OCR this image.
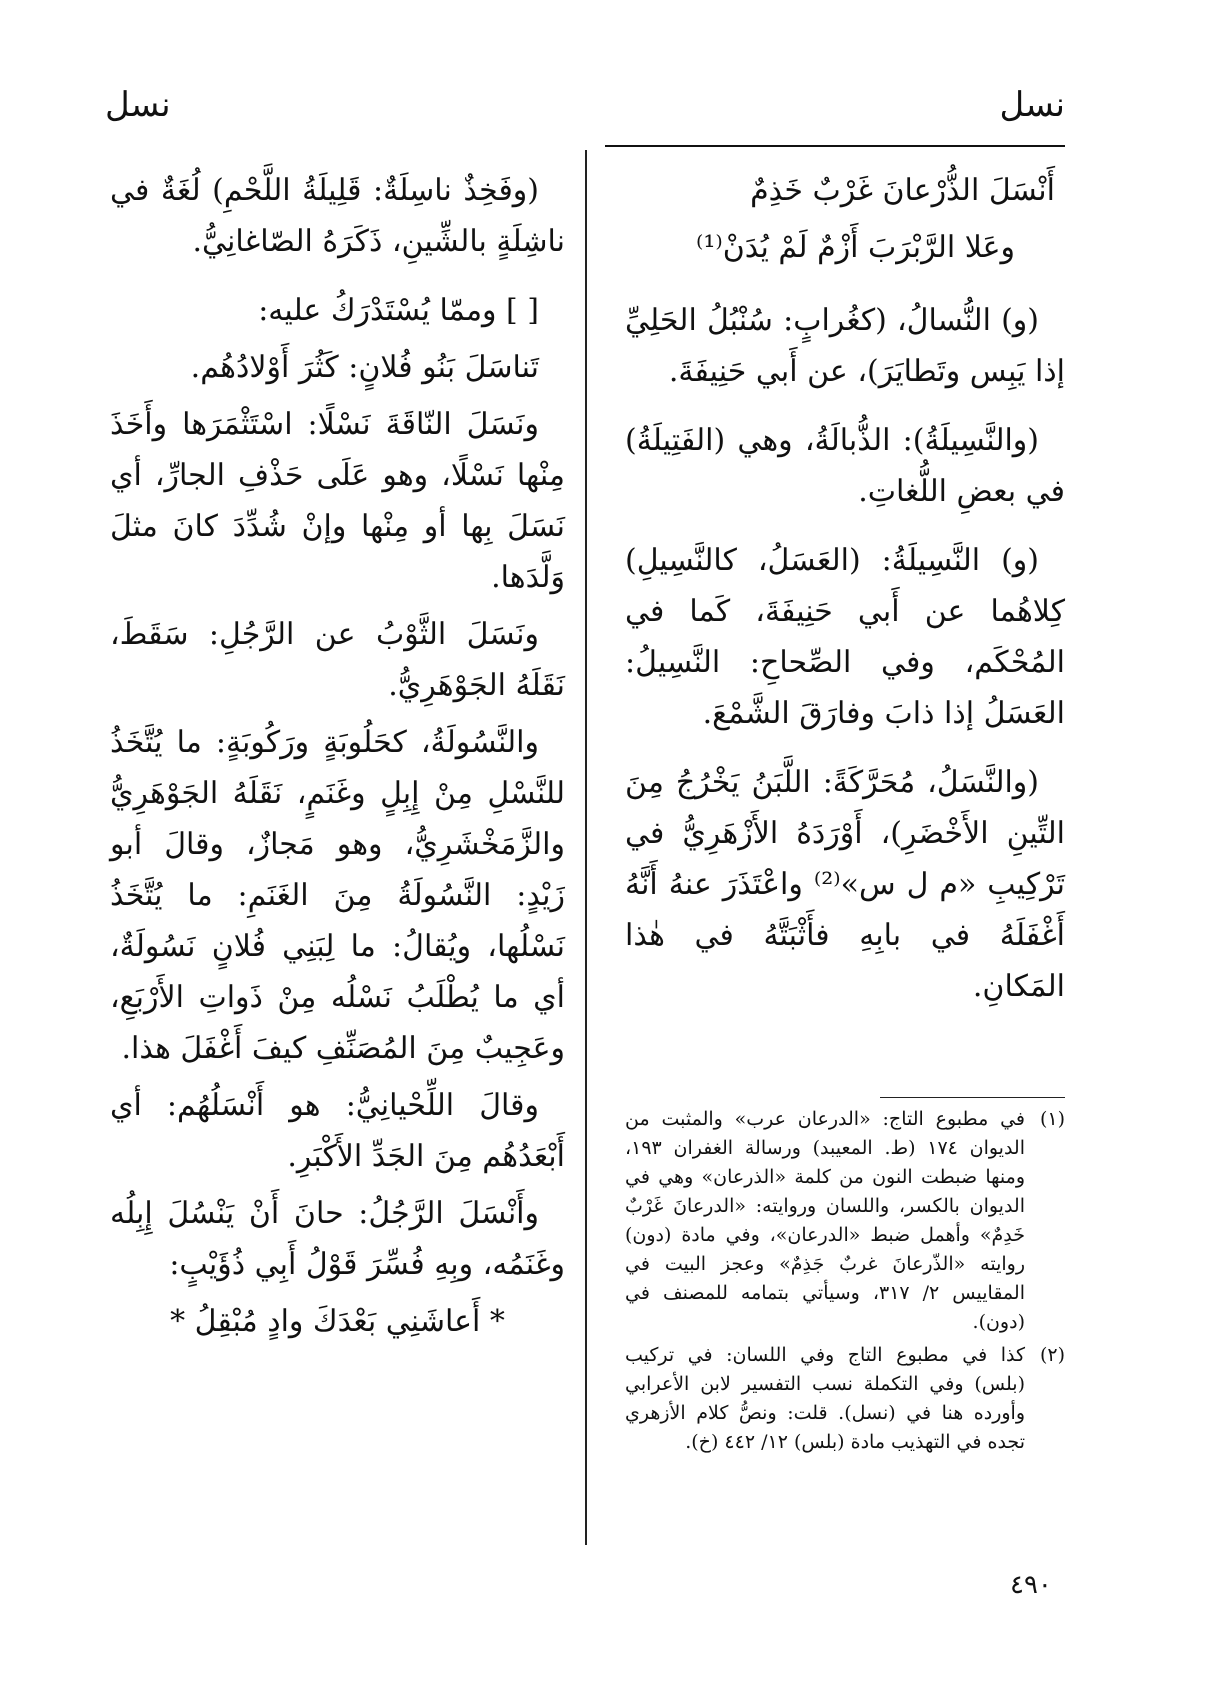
نسل
نسل

أَنْسَلَ الذُّرْعانَ غَرْبٌ خَذِمٌ

وعَلا الرَّبْرَبَ أَزْمٌ لَمْ يُدَنْ⁽¹⁾

(و) النُّسالُ، (كغُرابٍ: سُنْبُلُ الحَلِيِّ إذا يَبِس وتَطايَرَ)، عن أَبي حَنِيفَةَ.

(والنَّسِيلَةُ): الذُّبالَةُ، وهي (الفَتِيلَةُ) في بعضِ اللُّغاتِ.

(و) النَّسِيلَةُ: (العَسَلُ، كالنَّسِيلِ) كِلاهُما عن أَبي حَنِيفَةَ، كَما في المُحْكَم، وفي الصِّحاحِ: النَّسِيلُ: العَسَلُ إذا ذابَ وفارَقَ الشَّمْعَ.

(والنَّسَلُ، مُحَرَّكَةً: اللَّبَنُ يَخْرُجُ مِنَ التِّينِ الأَخْضَرِ)، أَوْرَدَهُ الأَزْهَرِيُّ في تَرْكِيبِ «م ل س»⁽²⁾ واعْتَذَرَ عنهُ أَنَّهُ أَغْفَلَهُ في بابِهِ فأَثْبَتَّهُ في هٰذا المَكانِ.

(١)
في مطبوع التاج: «الدرعان عرب» والمثبت من الديوان ١٧٤ (ط. المعيبد) ورسالة الغفران ١٩٣، ومنها ضبطت النون من كلمة «الذرعان» وهي في الديوان بالكسر، واللسان وروايته: «الدرعانَ غَرْبٌ خَدِمٌ» وأهمل ضبط «الدرعان»، وفي مادة (دون) روايته «الذّرعانَ غربٌ جَذِمٌ» وعجز البيت في المقاييس ٢/ ٣١٧، وسيأتي بتمامه للمصنف في (دون).

(٢)
كذا في مطبوع التاج وفي اللسان: في تركيب (بلس) وفي التكملة نسب التفسير لابن الأعرابي وأورده هنا في (نسل). قلت: ونصُّ كلام الأزهري تجده في التهذيب مادة (بلس) ١٢/ ٤٤٢ (خ).

(وفَخِذٌ ناسِلَةٌ: قَلِيلَةُ اللَّحْمِ) لُغَةٌ في ناشِلَةٍ بالشِّينِ، ذَكَرَهُ الصّاغانِيُّ.

[ ] وممّا يُسْتَدْرَكُ عليه:

تَناسَلَ بَنُو فُلانٍ: كَثُرَ أَوْلادُهُم.

ونَسَلَ النّاقَةَ نَسْلًا: اسْتَثْمَرَها وأَخَذَ مِنْها نَسْلًا، وهو عَلَى حَذْفِ الجارِّ، أي نَسَلَ بِها أو مِنْها وإنْ شُدِّدَ كانَ مثلَ وَلَّدَها.

ونَسَلَ الثَّوْبُ عن الرَّجُلِ: سَقَطَ، نَقَلَهُ الجَوْهَرِيُّ.

والنَّسُولَةُ، كحَلُوبَةٍ ورَكُوبَةٍ: ما يُتَّخَذُ للنَّسْلِ مِنْ إِبِلٍ وغَنَمٍ، نَقَلَهُ الجَوْهَرِيُّ والزَّمَخْشَرِيُّ، وهو مَجازٌ، وقالَ أبو زَيْدٍ: النَّسُولَةُ مِنَ الغَنَمِ: ما يُتَّخَذُ نَسْلُها، ويُقالُ: ما لِبَنِي فُلانٍ نَسُولَةٌ، أي ما يُطْلَبُ نَسْلُه مِنْ ذَواتِ الأَرْبَعِ، وعَجِيبٌ مِنَ المُصَنِّفِ كيفَ أَغْفَلَ هذا.

وقالَ اللِّحْيانِيُّ: هو أَنْسَلُهُم: أي أَبْعَدُهُم مِنَ الجَدِّ الأَكْبَرِ.

وأَنْسَلَ الرَّجُلُ: حانَ أَنْ يَنْسُلَ إِبِلُه وغَنَمُه، وبِهِ فُسِّرَ قَوْلُ أَبِي ذُؤَيْبٍ:

* أَعاشَنِي بَعْدَكَ وادٍ مُبْقِلُ *

٤٩٠
